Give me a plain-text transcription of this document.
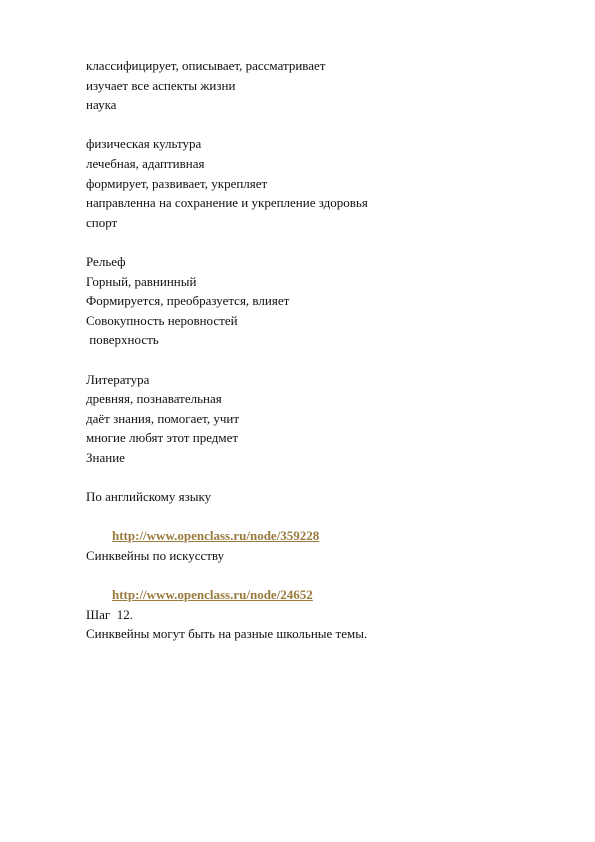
классифицирует, описывает, рассматривает
изучает все аспекты жизни
наука
физическая культура
лечебная, адаптивная
формирует, развивает, укрепляет
направленна на сохранение и укрепление здоровья
спорт
Рельеф
Горный, равнинный
Формируется, преобразуется, влияет
Совокупность неровностей
поверхность
Литература
древняя, познавательная
даёт знания, помогает, учит
многие любят этот предмет
Знание
По английскому языку

http://www.openclass.ru/node/359228

Синквейны по искусству

http://www.openclass.ru/node/24652

Шаг  12.
Синквейны могут быть на разные школьные темы.
